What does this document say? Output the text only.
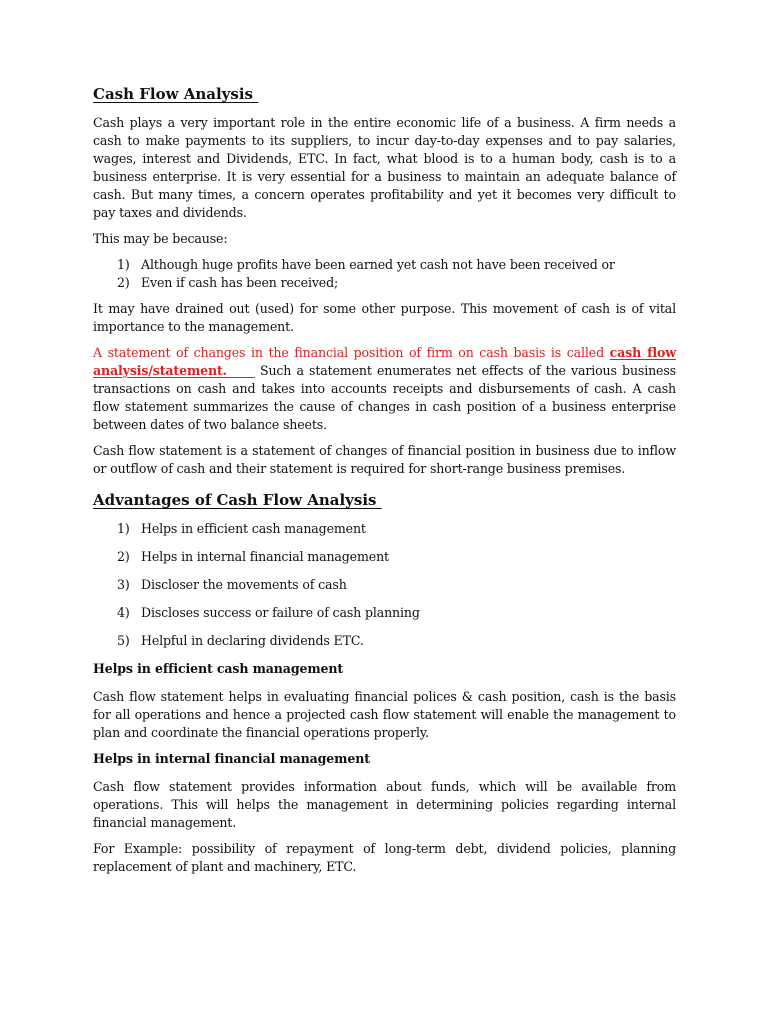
Cash Flow Analysis

Cash plays a very important role in the entire economic life of a business. A firm needs a cash to make payments to its suppliers, to incur day-to-day expenses and to pay salaries, wages, interest and Dividends, ETC. In fact, what blood is to a human body, cash is to a business enterprise. It is very essential for a business to maintain an adequate balance of cash. But many times, a concern operates profitability and yet it becomes very difficult to pay taxes and dividends.

This may be because:

1) Although huge profits have been earned yet cash not have been received or
2) Even if cash has been received;

It may have drained out (used) for some other purpose. This movement of cash is of vital importance to the management.

A statement of changes in the financial position of firm on cash basis is called cash flow analysis/statement.	Such a statement enumerates net effects of the various business transactions on cash and takes into accounts receipts and disbursements of cash. A cash flow statement summarizes the cause of changes in cash position of a business enterprise between dates of two balance sheets.

Cash flow statement is a statement of changes of financial position in business due to inflow or outflow of cash and their statement is required for short-range business premises.

Advantages of Cash Flow Analysis
1) Helps in efficient cash management
2) Helps in internal financial management
3) Discloser the movements of cash
4) Discloses success or failure of cash planning
5) Helpful in declaring dividends ETC.

Helps in efficient cash management

Cash flow statement helps in evaluating financial polices & cash position, cash is the basis for all operations and hence a projected cash flow statement will enable the management to plan and coordinate the financial operations properly.

Helps in internal financial management

Cash flow statement provides information about funds, which will be available from operations. This will helps the management in determining policies regarding internal financial management.

For Example: possibility of repayment of long-term debt, dividend policies, planning replacement of plant and machinery, ETC.
